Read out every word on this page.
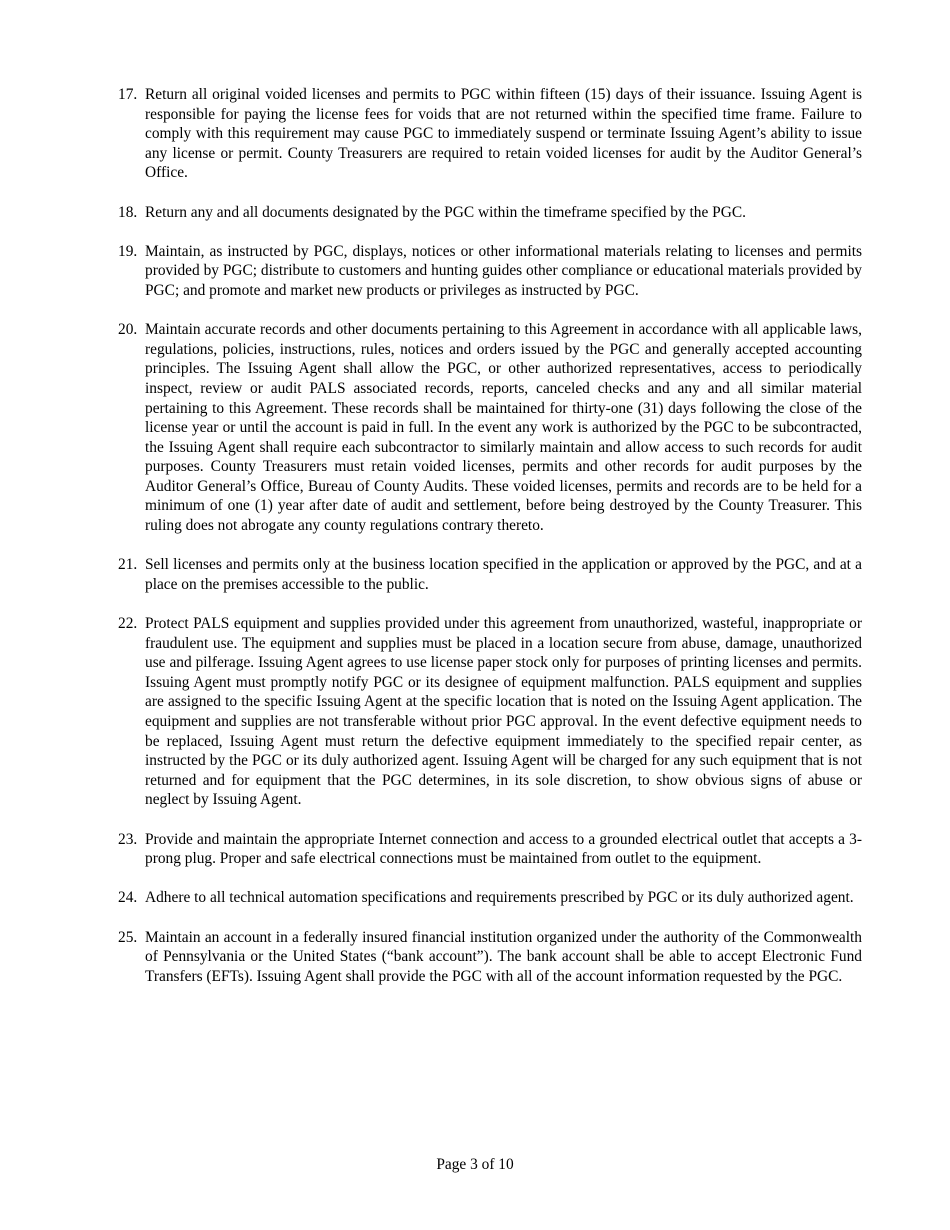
17. Return all original voided licenses and permits to PGC within fifteen (15) days of their issuance. Issuing Agent is responsible for paying the license fees for voids that are not returned within the specified time frame. Failure to comply with this requirement may cause PGC to immediately suspend or terminate Issuing Agent’s ability to issue any license or permit. County Treasurers are required to retain voided licenses for audit by the Auditor General’s Office.
18. Return any and all documents designated by the PGC within the timeframe specified by the PGC.
19. Maintain, as instructed by PGC, displays, notices or other informational materials relating to licenses and permits provided by PGC; distribute to customers and hunting guides other compliance or educational materials provided by PGC; and promote and market new products or privileges as instructed by PGC.
20. Maintain accurate records and other documents pertaining to this Agreement in accordance with all applicable laws, regulations, policies, instructions, rules, notices and orders issued by the PGC and generally accepted accounting principles. The Issuing Agent shall allow the PGC, or other authorized representatives, access to periodically inspect, review or audit PALS associated records, reports, canceled checks and any and all similar material pertaining to this Agreement. These records shall be maintained for thirty-one (31) days following the close of the license year or until the account is paid in full. In the event any work is authorized by the PGC to be subcontracted, the Issuing Agent shall require each subcontractor to similarly maintain and allow access to such records for audit purposes. County Treasurers must retain voided licenses, permits and other records for audit purposes by the Auditor General’s Office, Bureau of County Audits. These voided licenses, permits and records are to be held for a minimum of one (1) year after date of audit and settlement, before being destroyed by the County Treasurer. This ruling does not abrogate any county regulations contrary thereto.
21. Sell licenses and permits only at the business location specified in the application or approved by the PGC, and at a place on the premises accessible to the public.
22. Protect PALS equipment and supplies provided under this agreement from unauthorized, wasteful, inappropriate or fraudulent use. The equipment and supplies must be placed in a location secure from abuse, damage, unauthorized use and pilferage. Issuing Agent agrees to use license paper stock only for purposes of printing licenses and permits. Issuing Agent must promptly notify PGC or its designee of equipment malfunction. PALS equipment and supplies are assigned to the specific Issuing Agent at the specific location that is noted on the Issuing Agent application. The equipment and supplies are not transferable without prior PGC approval. In the event defective equipment needs to be replaced, Issuing Agent must return the defective equipment immediately to the specified repair center, as instructed by the PGC or its duly authorized agent. Issuing Agent will be charged for any such equipment that is not returned and for equipment that the PGC determines, in its sole discretion, to show obvious signs of abuse or neglect by Issuing Agent.
23. Provide and maintain the appropriate Internet connection and access to a grounded electrical outlet that accepts a 3-prong plug. Proper and safe electrical connections must be maintained from outlet to the equipment.
24. Adhere to all technical automation specifications and requirements prescribed by PGC or its duly authorized agent.
25. Maintain an account in a federally insured financial institution organized under the authority of the Commonwealth of Pennsylvania or the United States (“bank account”). The bank account shall be able to accept Electronic Fund Transfers (EFTs). Issuing Agent shall provide the PGC with all of the account information requested by the PGC.
Page 3 of 10
